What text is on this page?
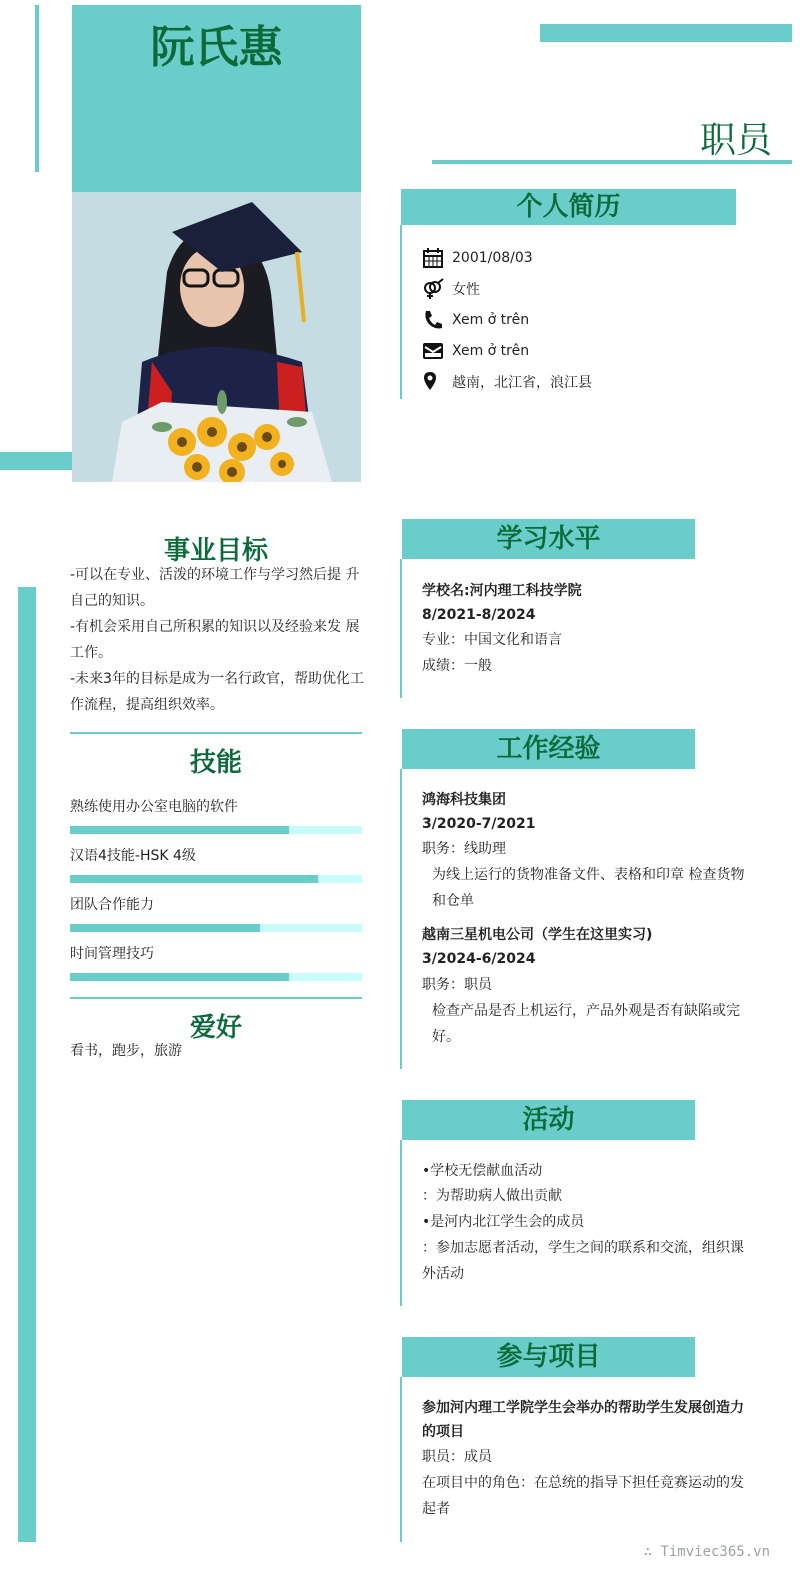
阮氏惠
职员
个人简历
2001/08/03
女性
Xem ở trên
Xem ở trên
越南，北江省，浪江县
学习水平
学校名:河内理工科技学院
8/2021-8/2024
专业：中国文化和语言
成绩：一般
工作经验
鸿海科技集团
3/2020-7/2021
职务：线助理
为线上运行的货物准备文件、表格和印章 检查货物
和仓单
越南三星机电公司（学生在这里实习)
3/2024-6/2024
职务：职员
检查产品是否上机运行，产品外观是否有缺陷或完
好。
活动
•学校无偿献血活动
：为帮助病人做出贡献
•是河内北江学生会的成员
：参加志愿者活动，学生之间的联系和交流，组织课
外活动
参与项目
参加河内理工学院学生会举办的帮助学生发展创造力
的项目
职员：成员
在项目中的角色：在总统的指导下担任竞赛运动的发
起者
事业目标
-可以在专业、活泼的环境工作与学习然后提 升
自己的知识。
-有机会采用自己所积累的知识以及经验来发 展
工作。
-未来3年的目标是成为一名行政官，帮助优化工
作流程，提高组织效率。
技能
熟练使用办公室电脑的软件
汉语4技能-HSK 4级
团队合作能力
时间管理技巧
爱好
看书，跑步，旅游
∴ Timviec365.vn
